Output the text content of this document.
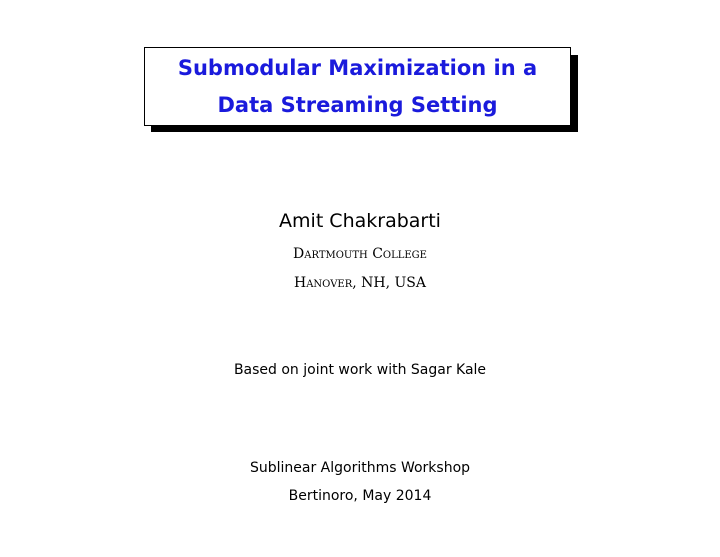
Submodular Maximization in a
Data Streaming Setting
Amit Chakrabarti
Dartmouth College
Hanover, NH, USA
Based on joint work with Sagar Kale
Sublinear Algorithms Workshop
Bertinoro, May 2014
